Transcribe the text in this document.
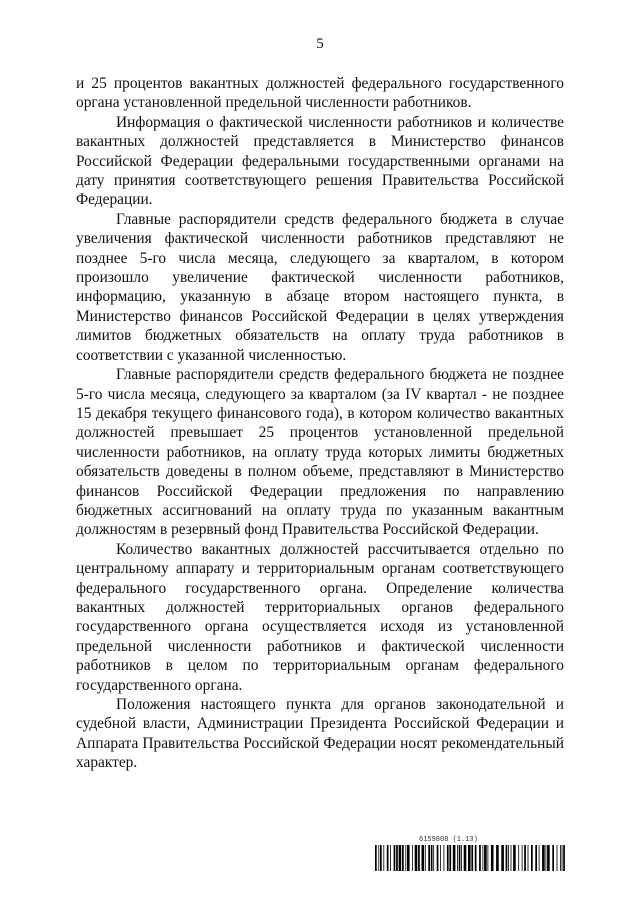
5

и 25 процентов вакантных должностей федерального государственного органа установленной предельной численности работников.

Информация о фактической численности работников и количестве вакантных должностей представляется в Министерство финансов Российской Федерации федеральными государственными органами на дату принятия соответствующего решения Правительства Российской Федерации.

Главные распорядители средств федерального бюджета в случае увеличения фактической численности работников представляют не позднее 5-го числа месяца, следующего за кварталом, в котором произошло увеличение фактической численности работников, информацию, указанную в абзаце втором настоящего пункта, в Министерство финансов Российской Федерации в целях утверждения лимитов бюджетных обязательств на оплату труда работников в соответствии с указанной численностью.

Главные распорядители средств федерального бюджета не позднее 5-го числа месяца, следующего за кварталом (за IV квартал - не позднее 15 декабря текущего финансового года), в котором количество вакантных должностей превышает 25 процентов установленной предельной численности работников, на оплату труда которых лимиты бюджетных обязательств доведены в полном объеме, представляют в Министерство финансов Российской Федерации предложения по направлению бюджетных ассигнований на оплату труда по указанным вакантным должностям в резервный фонд Правительства Российской Федерации.

Количество вакантных должностей рассчитывается отдельно по центральному аппарату и территориальным органам соответствующего федерального государственного органа. Определение количества вакантных должностей территориальных органов федерального государственного органа осуществляется исходя из установленной предельной численности работников и фактической численности работников в целом по территориальным органам федерального государственного органа.

Положения настоящего пункта для органов законодательной и судебной власти, Администрации Президента Российской Федерации и Аппарата Правительства Российской Федерации носят рекомендательный характер.

6159808 (1.13)
